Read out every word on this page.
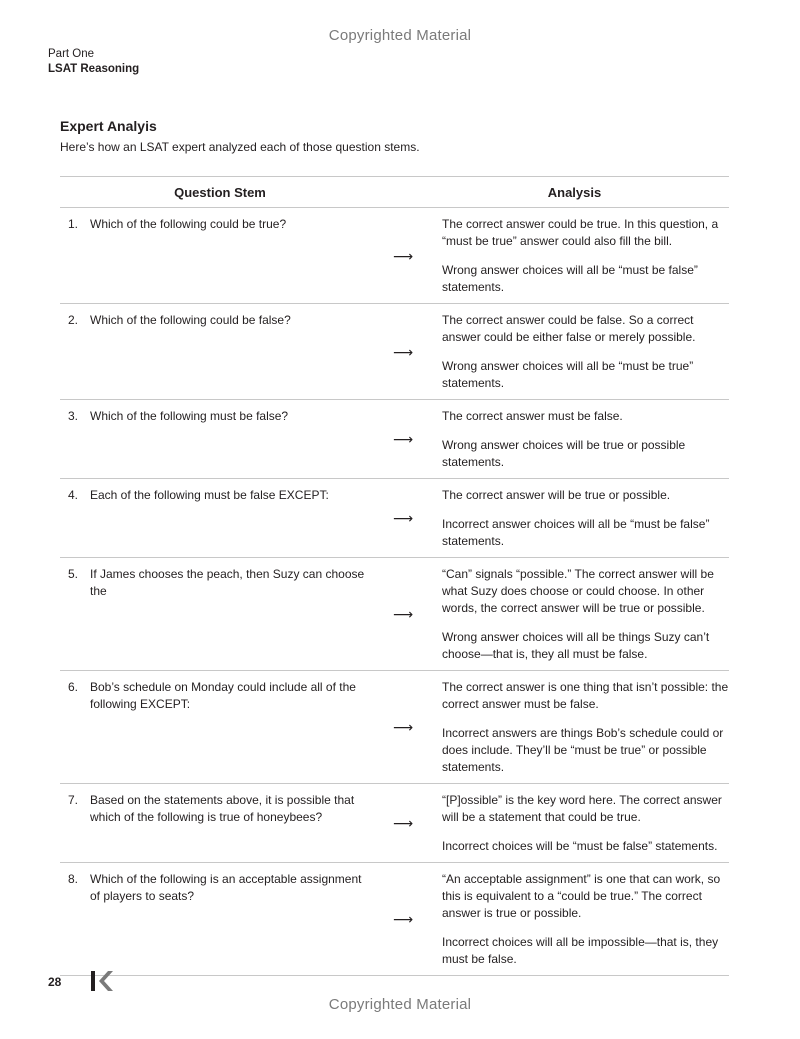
Copyrighted Material
Part One
LSAT Reasoning
Expert Analyis
Here’s how an LSAT expert analyzed each of those question stems.
Question Stem	Analysis
1. Which of the following could be true?
⟶

The correct answer could be true. In this question, a “must be true” answer could also fill the bill.

Wrong answer choices will all be “must be false” statements.

2. Which of the following could be false?
⟶

The correct answer could be false. So a correct answer could be either false or merely possible.

Wrong answer choices will all be “must be true” statements.

3. Which of the following must be false?
⟶

The correct answer must be false.

Wrong answer choices will be true or possible statements.

4. Each of the following must be false EXCEPT:
⟶

The correct answer will be true or possible.

Incorrect answer choices will all be “must be false” statements.

5. If James chooses the peach, then Suzy can choose the
⟶

“Can” signals “possible.” The correct answer will be what Suzy does choose or could choose. In other words, the correct answer will be true or possible.

Wrong answer choices will all be things Suzy can’t choose—that is, they all must be false.

6. Bob’s schedule on Monday could include all of the following EXCEPT:
⟶

The correct answer is one thing that isn’t possible: the correct answer must be false.

Incorrect answers are things Bob’s schedule could or does include. They’ll be “must be true” or possible statements.

7. Based on the statements above, it is possible that which of the following is true of honeybees?	⟶

“[P]ossible” is the key word here. The correct answer will be a statement that could be true.

Incorrect choices will be “must be false” statements.

8. Which of the following is an acceptable assignment of players to seats?
⟶

“An acceptable assignment” is one that can work, so this is equivalent to a “could be true.” The correct answer is true or possible.

Incorrect choices will all be impossible—that is, they must be false.

28
Copyrighted Material
